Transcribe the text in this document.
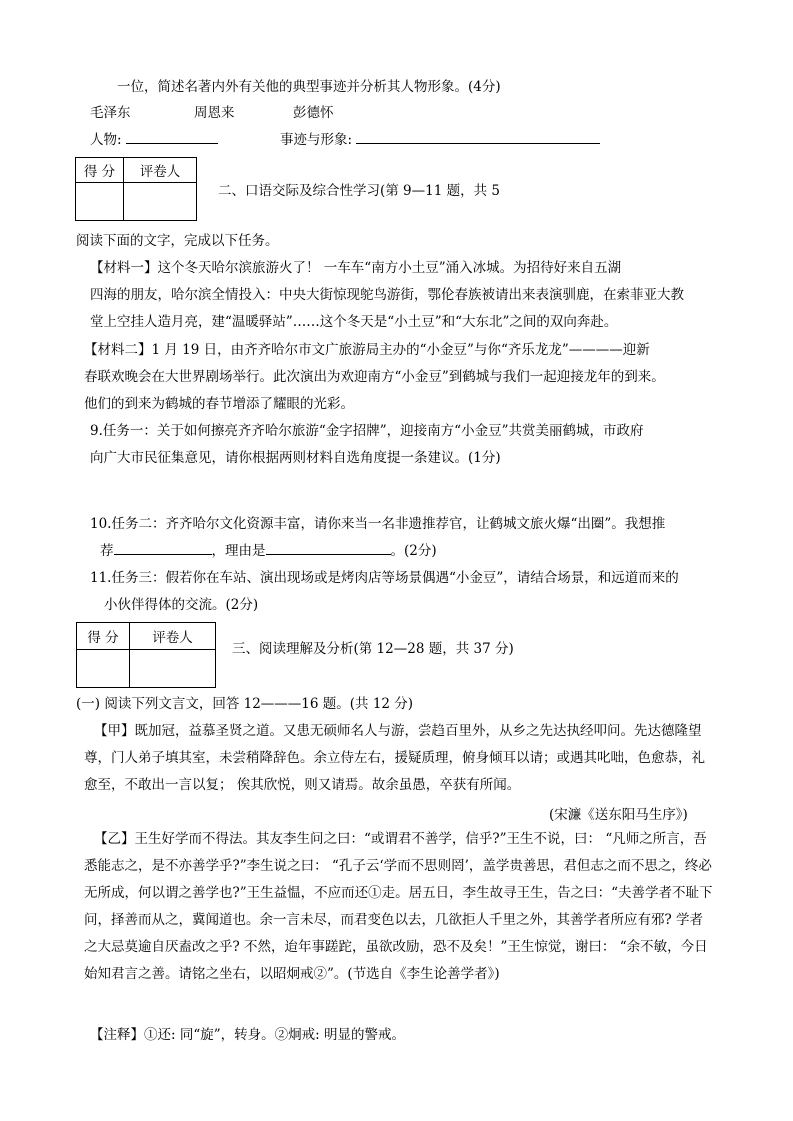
一位，简述名著内外有关他的典型事迹并分析其人物形象。(4分)
毛泽东	周恩来	彭德怀
人物:	事迹与形象:
得 分	评卷人

二、口语交际及综合性学习(第 9—11 题，共 5
阅读下面的文字，完成以下任务。
【材料一】这个冬天哈尔滨旅游火了！ 一车车“南方小土豆”涌入冰城。为招待好来自五湖
四海的朋友，哈尔滨全情投入：中央大街惊现鸵鸟游街，鄂伦春族被请出来表演驯鹿，在索菲亚大教
堂上空挂人造月亮，建“温暖驿站”……这个冬天是“小土豆”和“大东北”之间的双向奔赴。
【材料二】1 月 19 日，由齐齐哈尔市文广旅游局主办的“小金豆”与你“齐乐龙龙”————迎新
春联欢晚会在大世界剧场举行。此次演出为欢迎南方“小金豆”到鹤城与我们一起迎接龙年的到来。
他们的到来为鹤城的春节增添了耀眼的光彩。
9.任务一：关于如何擦亮齐齐哈尔旅游“金字招牌”，迎接南方“小金豆”共赏美丽鹤城，市政府
向广大市民征集意见，请你根据两则材料自选角度提一条建议。(1分)
10.任务二：齐齐哈尔文化资源丰富，请你来当一名非遗推荐官，让鹤城文旅火爆“出圈”。我想推
荐	，理由是	。(2分)
11.任务三：假若你在车站、演出现场或是烤肉店等场景偶遇“小金豆”，请结合场景，和远道而来的
小伙伴得体的交流。(2分)
得 分	评卷人

三、阅读理解及分析(第 12—28 题，共 37 分)
(一) 阅读下列文言文，回答 12———16 题。(共 12 分)
【甲】既加冠，益慕圣贤之道。又患无硕师名人与游，尝趋百里外，从乡之先达执经叩问。先达德隆望尊，门人弟子填其室，未尝稍降辞色。余立侍左右，援疑质理，俯身倾耳以请；或遇其叱咄，色愈恭，礼愈至，不敢出一言以复； 俟其欣悦，则又请焉。故余虽愚，卒获有所闻。
(宋濂《送东阳马生序》)
【乙】王生好学而不得法。其友李生问之曰：“或谓君不善学，信乎?”王生不说，曰： “凡师之所言，吾悉能志之，是不亦善学乎?”李生说之曰： “孔子云‘学而不思则罔’，盖学贵善思，君但志之而不思之，终必无所成，何以谓之善学也?”王生益愠，不应而还①走。居五日，李生故寻王生，告之曰：“夫善学者不耻下问，择善而从之，冀闻道也。余一言未尽，而君变色以去，几欲拒人千里之外，其善学者所应有邪? 学者之大忌莫逾自厌盍改之乎? 不然，迨年事蹉跎，虽欲改励，恐不及矣！”王生惊觉，谢曰： “余不敏，今日始知君言之善。请铭之坐右，以昭炯戒②”。(节选自《李生论善学者》)
【注释】①还: 同“旋”，转身。②炯戒: 明显的警戒。
